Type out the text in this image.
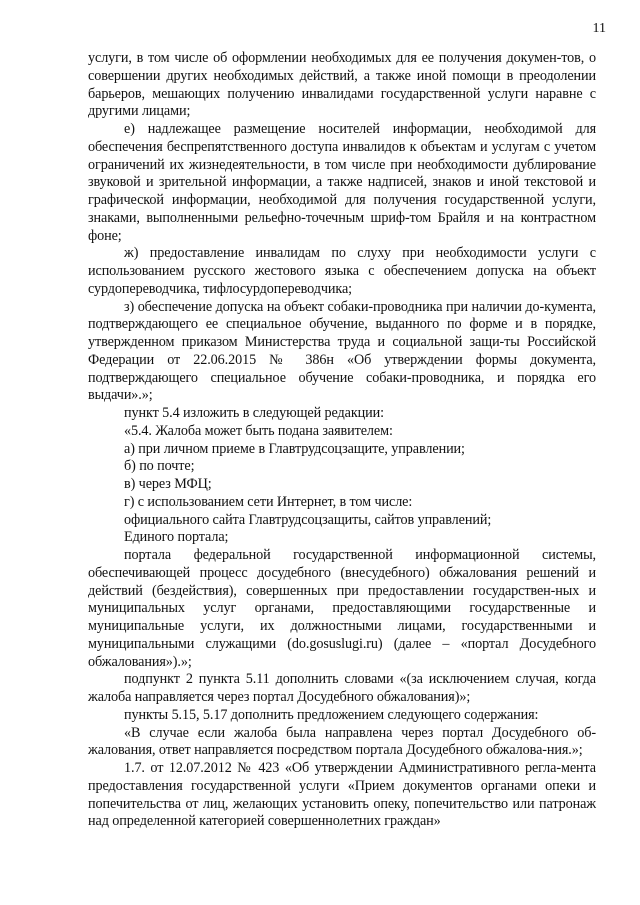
11

услуги, в том числе об оформлении необходимых для ее получения докумен-тов, о совершении других необходимых действий, а также иной помощи в преодолении барьеров, мешающих получению инвалидами государственной услуги наравне с другими лицами;

е) надлежащее размещение носителей информации, необходимой для обеспечения беспрепятственного доступа инвалидов к объектам и услугам с учетом ограничений их жизнедеятельности, в том числе при необходимости дублирование звуковой и зрительной информации, а также надписей, знаков и иной текстовой и графической информации, необходимой для получения государственной услуги, знаками, выполненными рельефно-точечным шриф-том Брайля и на контрастном фоне;

ж) предоставление инвалидам по слуху при необходимости услуги с использованием русского жестового языка с обеспечением допуска на объект сурдопереводчика, тифлосурдопереводчика;

з) обеспечение допуска на объект собаки-проводника при наличии до-кумента, подтверждающего ее специальное обучение, выданного по форме и в порядке, утвержденном приказом Министерства труда и социальной защи-ты Российской Федерации от 22.06.2015 № 386н «Об утверждении формы документа, подтверждающего специальное обучение собаки-проводника, и порядка его выдачи».»;

пункт 5.4 изложить в следующей редакции:

«5.4. Жалоба может быть подана заявителем:

а) при личном приеме в Главтрудсоцзащите, управлении;

б) по почте;

в) через МФЦ;

г) с использованием сети Интернет, в том числе:

официального сайта Главтрудсоцзащиты, сайтов управлений;

Единого портала;

портала федеральной государственной информационной системы, обеспечивающей процесс досудебного (внесудебного) обжалования решений и действий (бездействия), совершенных при предоставлении государствен-ных и муниципальных услуг органами, предоставляющими государственные и муниципальные услуги, их должностными лицами, государственными и муниципальными служащими (do.gosuslugi.ru) (далее – «портал Досудебного обжалования»).»;

подпункт 2 пункта 5.11 дополнить словами «(за исключением случая, когда жалоба направляется через портал Досудебного обжалования)»;

пункты 5.15, 5.17 дополнить предложением следующего содержания:

«В случае если жалоба была направлена через портал Досудебного об-жалования, ответ направляется посредством портала Досудебного обжалова-ния.»;

1.7. от 12.07.2012 № 423 «Об утверждении Административного регла-мента предоставления государственной услуги «Прием документов органами опеки и попечительства от лиц, желающих установить опеку, попечительство или патронаж над определенной категорией совершеннолетних граждан»
